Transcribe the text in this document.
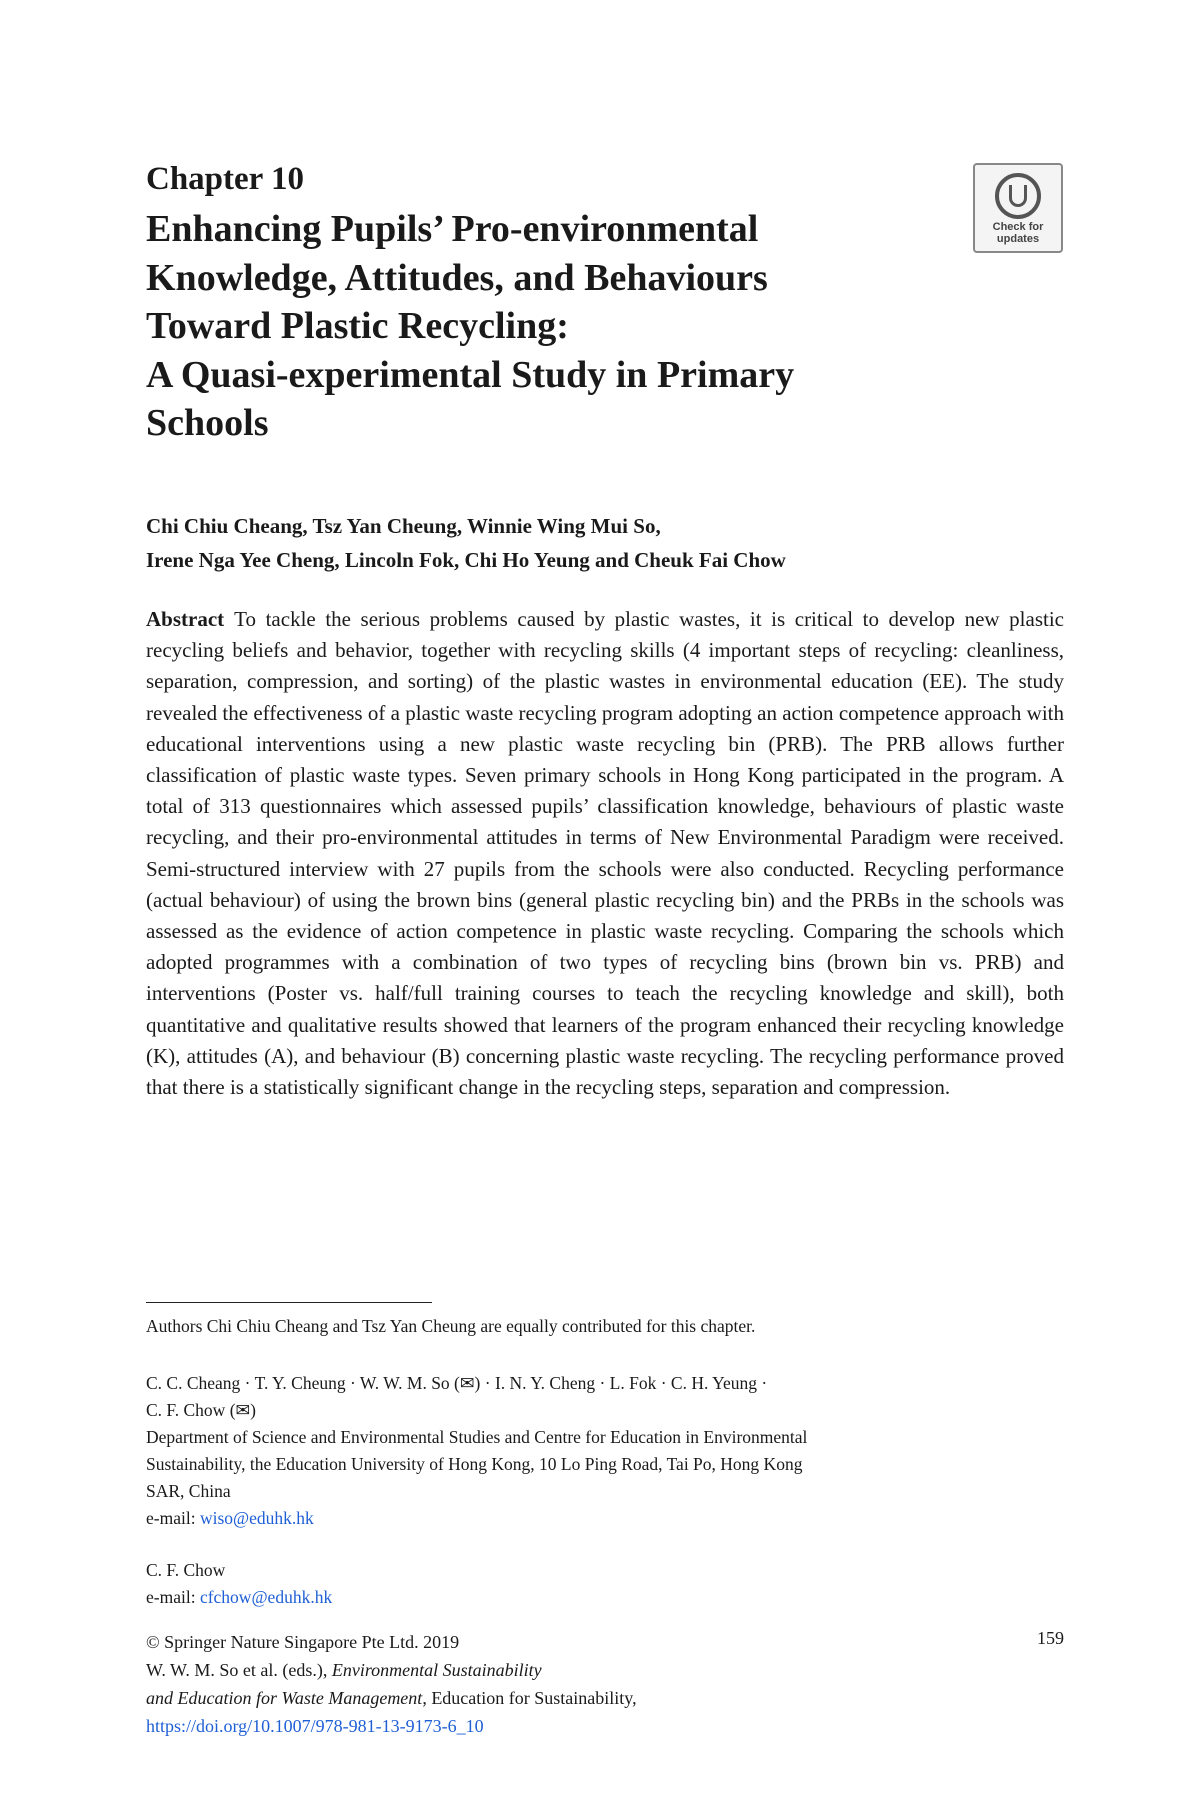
Chapter 10
Enhancing Pupils’ Pro-environmental
Knowledge, Attitudes, and Behaviours
Toward Plastic Recycling:
A Quasi-experimental Study in Primary
Schools
Check for updates
Chi Chiu Cheang, Tsz Yan Cheung, Winnie Wing Mui So,
Irene Nga Yee Cheng, Lincoln Fok, Chi Ho Yeung and Cheuk Fai Chow

Abstract To tackle the serious problems caused by plastic wastes, it is critical to develop new plastic recycling beliefs and behavior, together with recycling skills (4 important steps of recycling: cleanliness, separation, compression, and sorting) of the plastic wastes in environmental education (EE). The study revealed the effectiveness of a plastic waste recycling program adopting an action competence approach with educational interventions using a new plastic waste recycling bin (PRB). The PRB allows further classification of plastic waste types. Seven primary schools in Hong Kong participated in the program. A total of 313 questionnaires which assessed pupils’ classification knowledge, behaviours of plastic waste recycling, and their pro-environmental attitudes in terms of New Environmental Paradigm were received. Semi-structured interview with 27 pupils from the schools were also conducted. Recycling performance (actual behaviour) of using the brown bins (general plastic recycling bin) and the PRBs in the schools was assessed as the evidence of action competence in plastic waste recycling. Comparing the schools which adopted programmes with a combination of two types of recycling bins (brown bin vs. PRB) and interventions (Poster vs. half/full training courses to teach the recycling knowledge and skill), both quantitative and qualitative results showed that learners of the program enhanced their recycling knowledge (K), attitudes (A), and behaviour (B) concerning plastic waste recycling. The recycling performance proved that there is a statistically significant change in the recycling steps, separation and compression.

Authors Chi Chiu Cheang and Tsz Yan Cheung are equally contributed for this chapter.
C. C. Cheang · T. Y. Cheung · W. W. M. So (✉) · I. N. Y. Cheng · L. Fok · C. H. Yeung ·
C. F. Chow (✉)
Department of Science and Environmental Studies and Centre for Education in Environmental
Sustainability, the Education University of Hong Kong, 10 Lo Ping Road, Tai Po, Hong Kong
SAR, China
e-mail: wiso@eduhk.hk
C. F. Chow
e-mail: cfchow@eduhk.hk
© Springer Nature Singapore Pte Ltd. 2019
W. W. M. So et al. (eds.), Environmental Sustainability
and Education for Waste Management, Education for Sustainability,
https://doi.org/10.1007/978-981-13-9173-6_10
159
